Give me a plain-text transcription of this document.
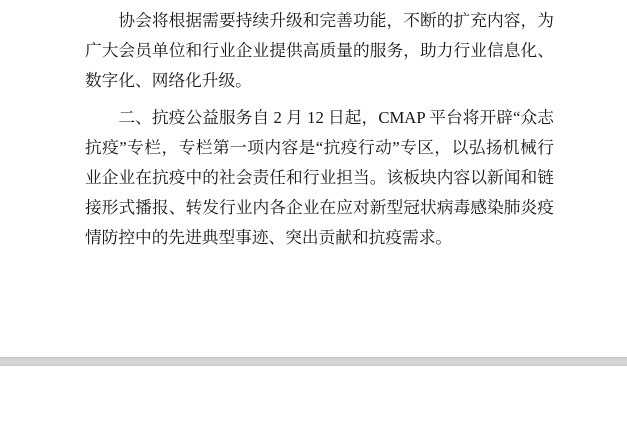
协会将根据需要持续升级和完善功能，不断的扩充内容，为广大会员单位和行业企业提供高质量的服务，助力行业信息化、数字化、网络化升级。

二、抗疫公益服务自 2 月 12 日起，CMAP 平台将开辟“众志抗疫”专栏，专栏第一项内容是“抗疫行动”专区，以弘扬机械行业企业在抗疫中的社会责任和行业担当。该板块内容以新闻和链接形式播报、转发行业内各企业在应对新型冠状病毒感染肺炎疫情防控中的先进典型事迹、突出贡献和抗疫需求。
